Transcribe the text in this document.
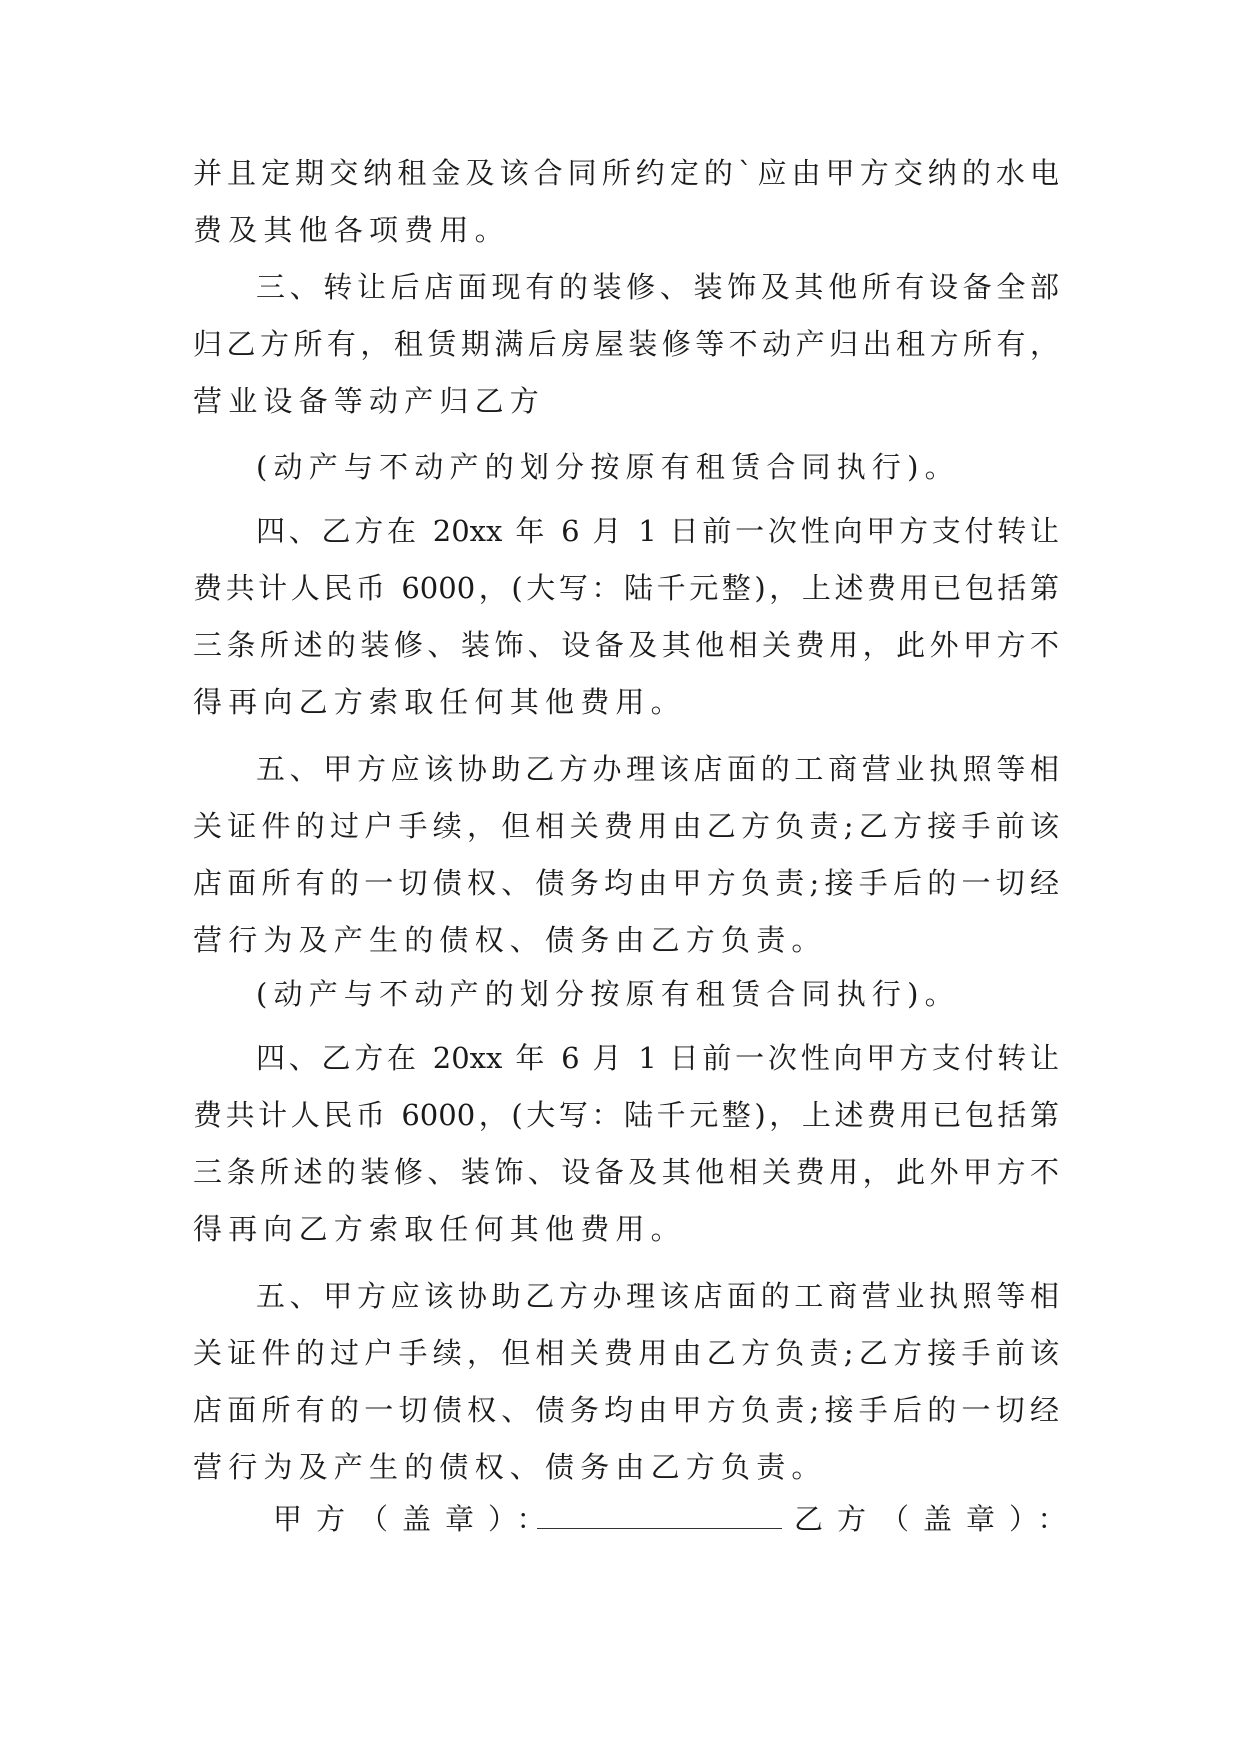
并且定期交纳租金及该合同所约定的`应由甲方交纳的水电
费及其他各项费用。
三、转让后店面现有的装修、装饰及其他所有设备全部
归乙方所有，租赁期满后房屋装修等不动产归出租方所有，
营业设备等动产归乙方
(动产与不动产的划分按原有租赁合同执行)。
四、乙方在 20xx 年 6 月 1 日前一次性向甲方支付转让
费共计人民币 6000，(大写：陆千元整)，上述费用已包括第
三条所述的装修、装饰、设备及其他相关费用，此外甲方不
得再向乙方索取任何其他费用。
五、甲方应该协助乙方办理该店面的工商营业执照等相
关证件的过户手续，但相关费用由乙方负责;乙方接手前该
店面所有的一切债权、债务均由甲方负责;接手后的一切经
营行为及产生的债权、债务由乙方负责。
(动产与不动产的划分按原有租赁合同执行)。
四、乙方在 20xx 年 6 月 1 日前一次性向甲方支付转让
费共计人民币 6000，(大写：陆千元整)，上述费用已包括第
三条所述的装修、装饰、设备及其他相关费用，此外甲方不
得再向乙方索取任何其他费用。
五、甲方应该协助乙方办理该店面的工商营业执照等相
关证件的过户手续，但相关费用由乙方负责;乙方接手前该
店面所有的一切债权、债务均由甲方负责;接手后的一切经
营行为及产生的债权、债务由乙方负责。
甲方（盖章）：	乙方（盖章）：
